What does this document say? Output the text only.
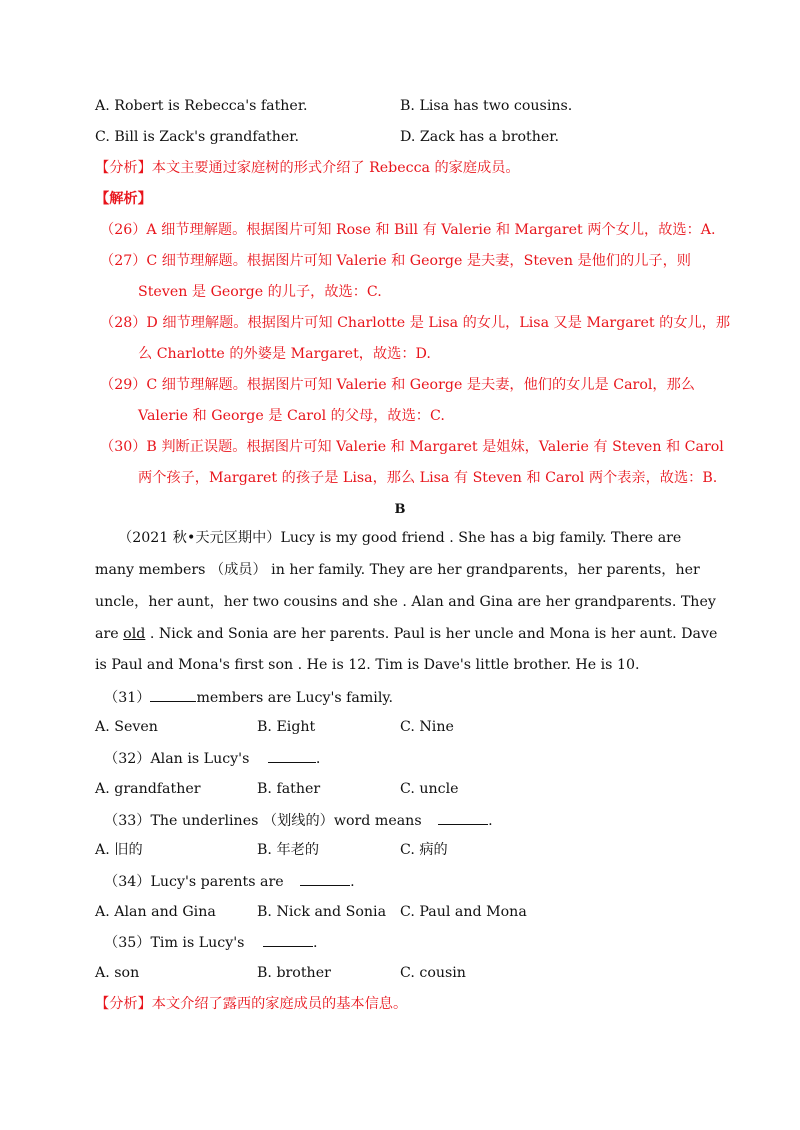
A. Robert is Rebecca's father.	B. Lisa has two cousins.
C. Bill is Zack's grandfather.	D. Zack has a brother.
【分析】本文主要通过家庭树的形式介绍了 Rebecca 的家庭成员。
【解析】
（26）A 细节理解题。根据图片可知 Rose 和 Bill 有 Valerie 和 Margaret 两个女儿，故选：A.
（27）C 细节理解题。根据图片可知 Valerie 和 George 是夫妻，Steven 是他们的儿子，则
Steven 是 George 的儿子，故选：C.
（28）D 细节理解题。根据图片可知 Charlotte 是 Lisa 的女儿，Lisa 又是 Margaret 的女儿，那
么 Charlotte 的外婆是 Margaret，故选：D.
（29）C 细节理解题。根据图片可知 Valerie 和 George 是夫妻，他们的女儿是 Carol，那么
Valerie 和 George 是 Carol 的父母，故选：C.
（30）B 判断正误题。根据图片可知 Valerie 和 Margaret 是姐妹，Valerie 有 Steven 和 Carol
两个孩子，Margaret 的孩子是 Lisa，那么 Lisa 有 Steven 和 Carol 两个表亲，故选：B.
B
（2021 秋•天元区期中）Lucy is my good friend . She has a big family. There are
many members （成员） in her family. They are her grandparents，her parents，her
uncle，her aunt，her two cousins and she . Alan and Gina are her grandparents. They
are old . Nick and Sonia are her parents. Paul is her uncle and Mona is her aunt. Dave
is Paul and Mona's first son . He is 12. Tim is Dave's little brother. He is 10.
（31）	members are Lucy's family.
A. Seven	B. Eight	C. Nine
（32）Alan is Lucy's	.
A. grandfather	B. father	C. uncle
（33）The underlines （划线的）word means	.
A. 旧的	B. 年老的	C. 病的
（34）Lucy's parents are	.
A. Alan and Gina	B. Nick and Sonia C. Paul and Mona
（35）Tim is Lucy's	.
A. son	B. brother	C. cousin
【分析】本文介绍了露西的家庭成员的基本信息。
